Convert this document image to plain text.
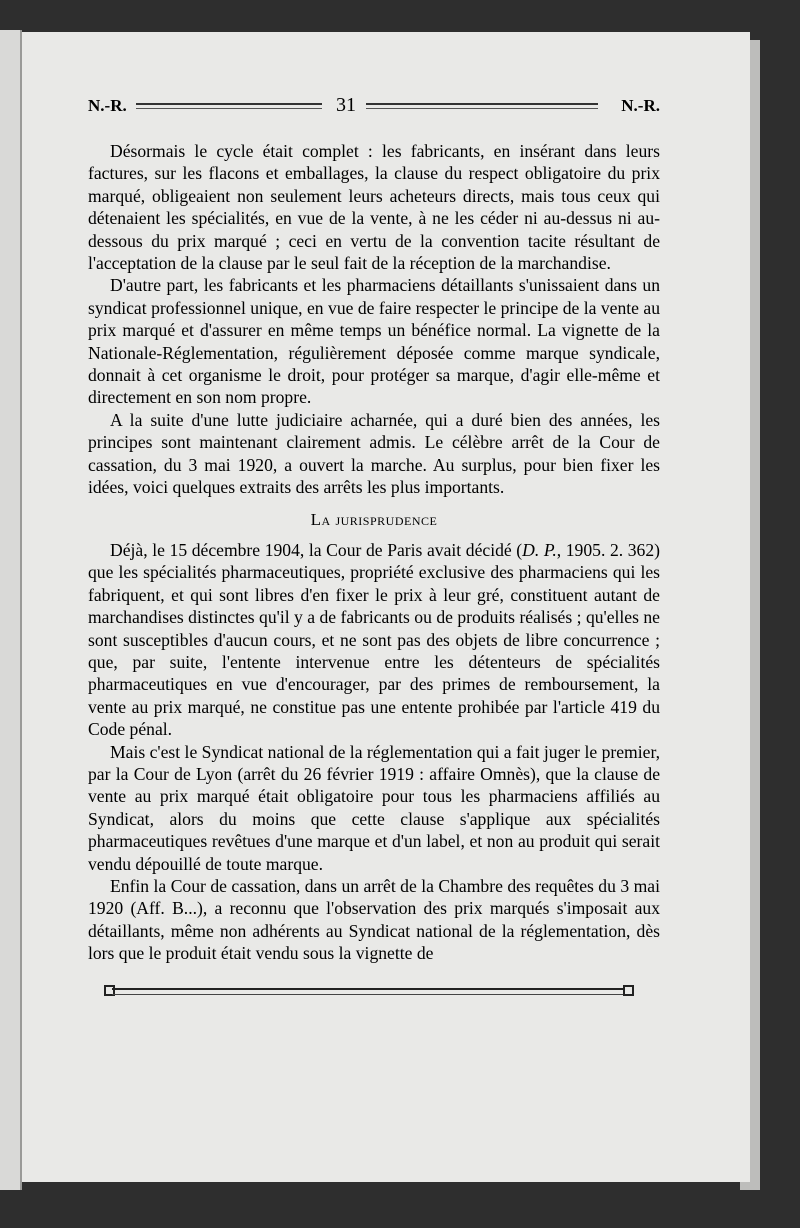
N.-R.	31	N.-R.

Désormais le cycle était complet : les fabricants, en insérant dans leurs factures, sur les flacons et emballages, la clause du respect obligatoire du prix marqué, obligeaient non seulement leurs acheteurs directs, mais tous ceux qui détenaient les spécialités, en vue de la vente, à ne les céder ni au-dessus ni au-dessous du prix marqué ; ceci en vertu de la convention tacite résultant de l'acceptation de la clause par le seul fait de la réception de la marchandise.

D'autre part, les fabricants et les pharmaciens détaillants s'unissaient dans un syndicat professionnel unique, en vue de faire respecter le principe de la vente au prix marqué et d'assurer en même temps un bénéfice normal. La vignette de la Nationale-Réglementation, régulièrement déposée comme marque syndicale, donnait à cet organisme le droit, pour protéger sa marque, d'agir elle-même et directement en son nom propre.

A la suite d'une lutte judiciaire acharnée, qui a duré bien des années, les principes sont maintenant clairement admis. Le célèbre arrêt de la Cour de cassation, du 3 mai 1920, a ouvert la marche. Au surplus, pour bien fixer les idées, voici quelques extraits des arrêts les plus importants.

La jurisprudence

Déjà, le 15 décembre 1904, la Cour de Paris avait décidé (D. P., 1905. 2. 362) que les spécialités pharmaceutiques, propriété exclusive des pharmaciens qui les fabriquent, et qui sont libres d'en fixer le prix à leur gré, constituent autant de marchandises distinctes qu'il y a de fabricants ou de produits réalisés ; qu'elles ne sont susceptibles d'aucun cours, et ne sont pas des objets de libre concurrence ; que, par suite, l'entente intervenue entre les détenteurs de spécialités pharmaceutiques en vue d'encourager, par des primes de remboursement, la vente au prix marqué, ne constitue pas une entente prohibée par l'article 419 du Code pénal.

Mais c'est le Syndicat national de la réglementation qui a fait juger le premier, par la Cour de Lyon (arrêt du 26 février 1919 : affaire Omnès), que la clause de vente au prix marqué était obligatoire pour tous les pharmaciens affiliés au Syndicat, alors du moins que cette clause s'applique aux spécialités pharmaceutiques revêtues d'une marque et d'un label, et non au produit qui serait vendu dépouillé de toute marque.

Enfin la Cour de cassation, dans un arrêt de la Chambre des requêtes du 3 mai 1920 (Aff. B...), a reconnu que l'observation des prix marqués s'imposait aux détaillants, même non adhérents au Syndicat national de la réglementation, dès lors que le produit était vendu sous la vignette de
